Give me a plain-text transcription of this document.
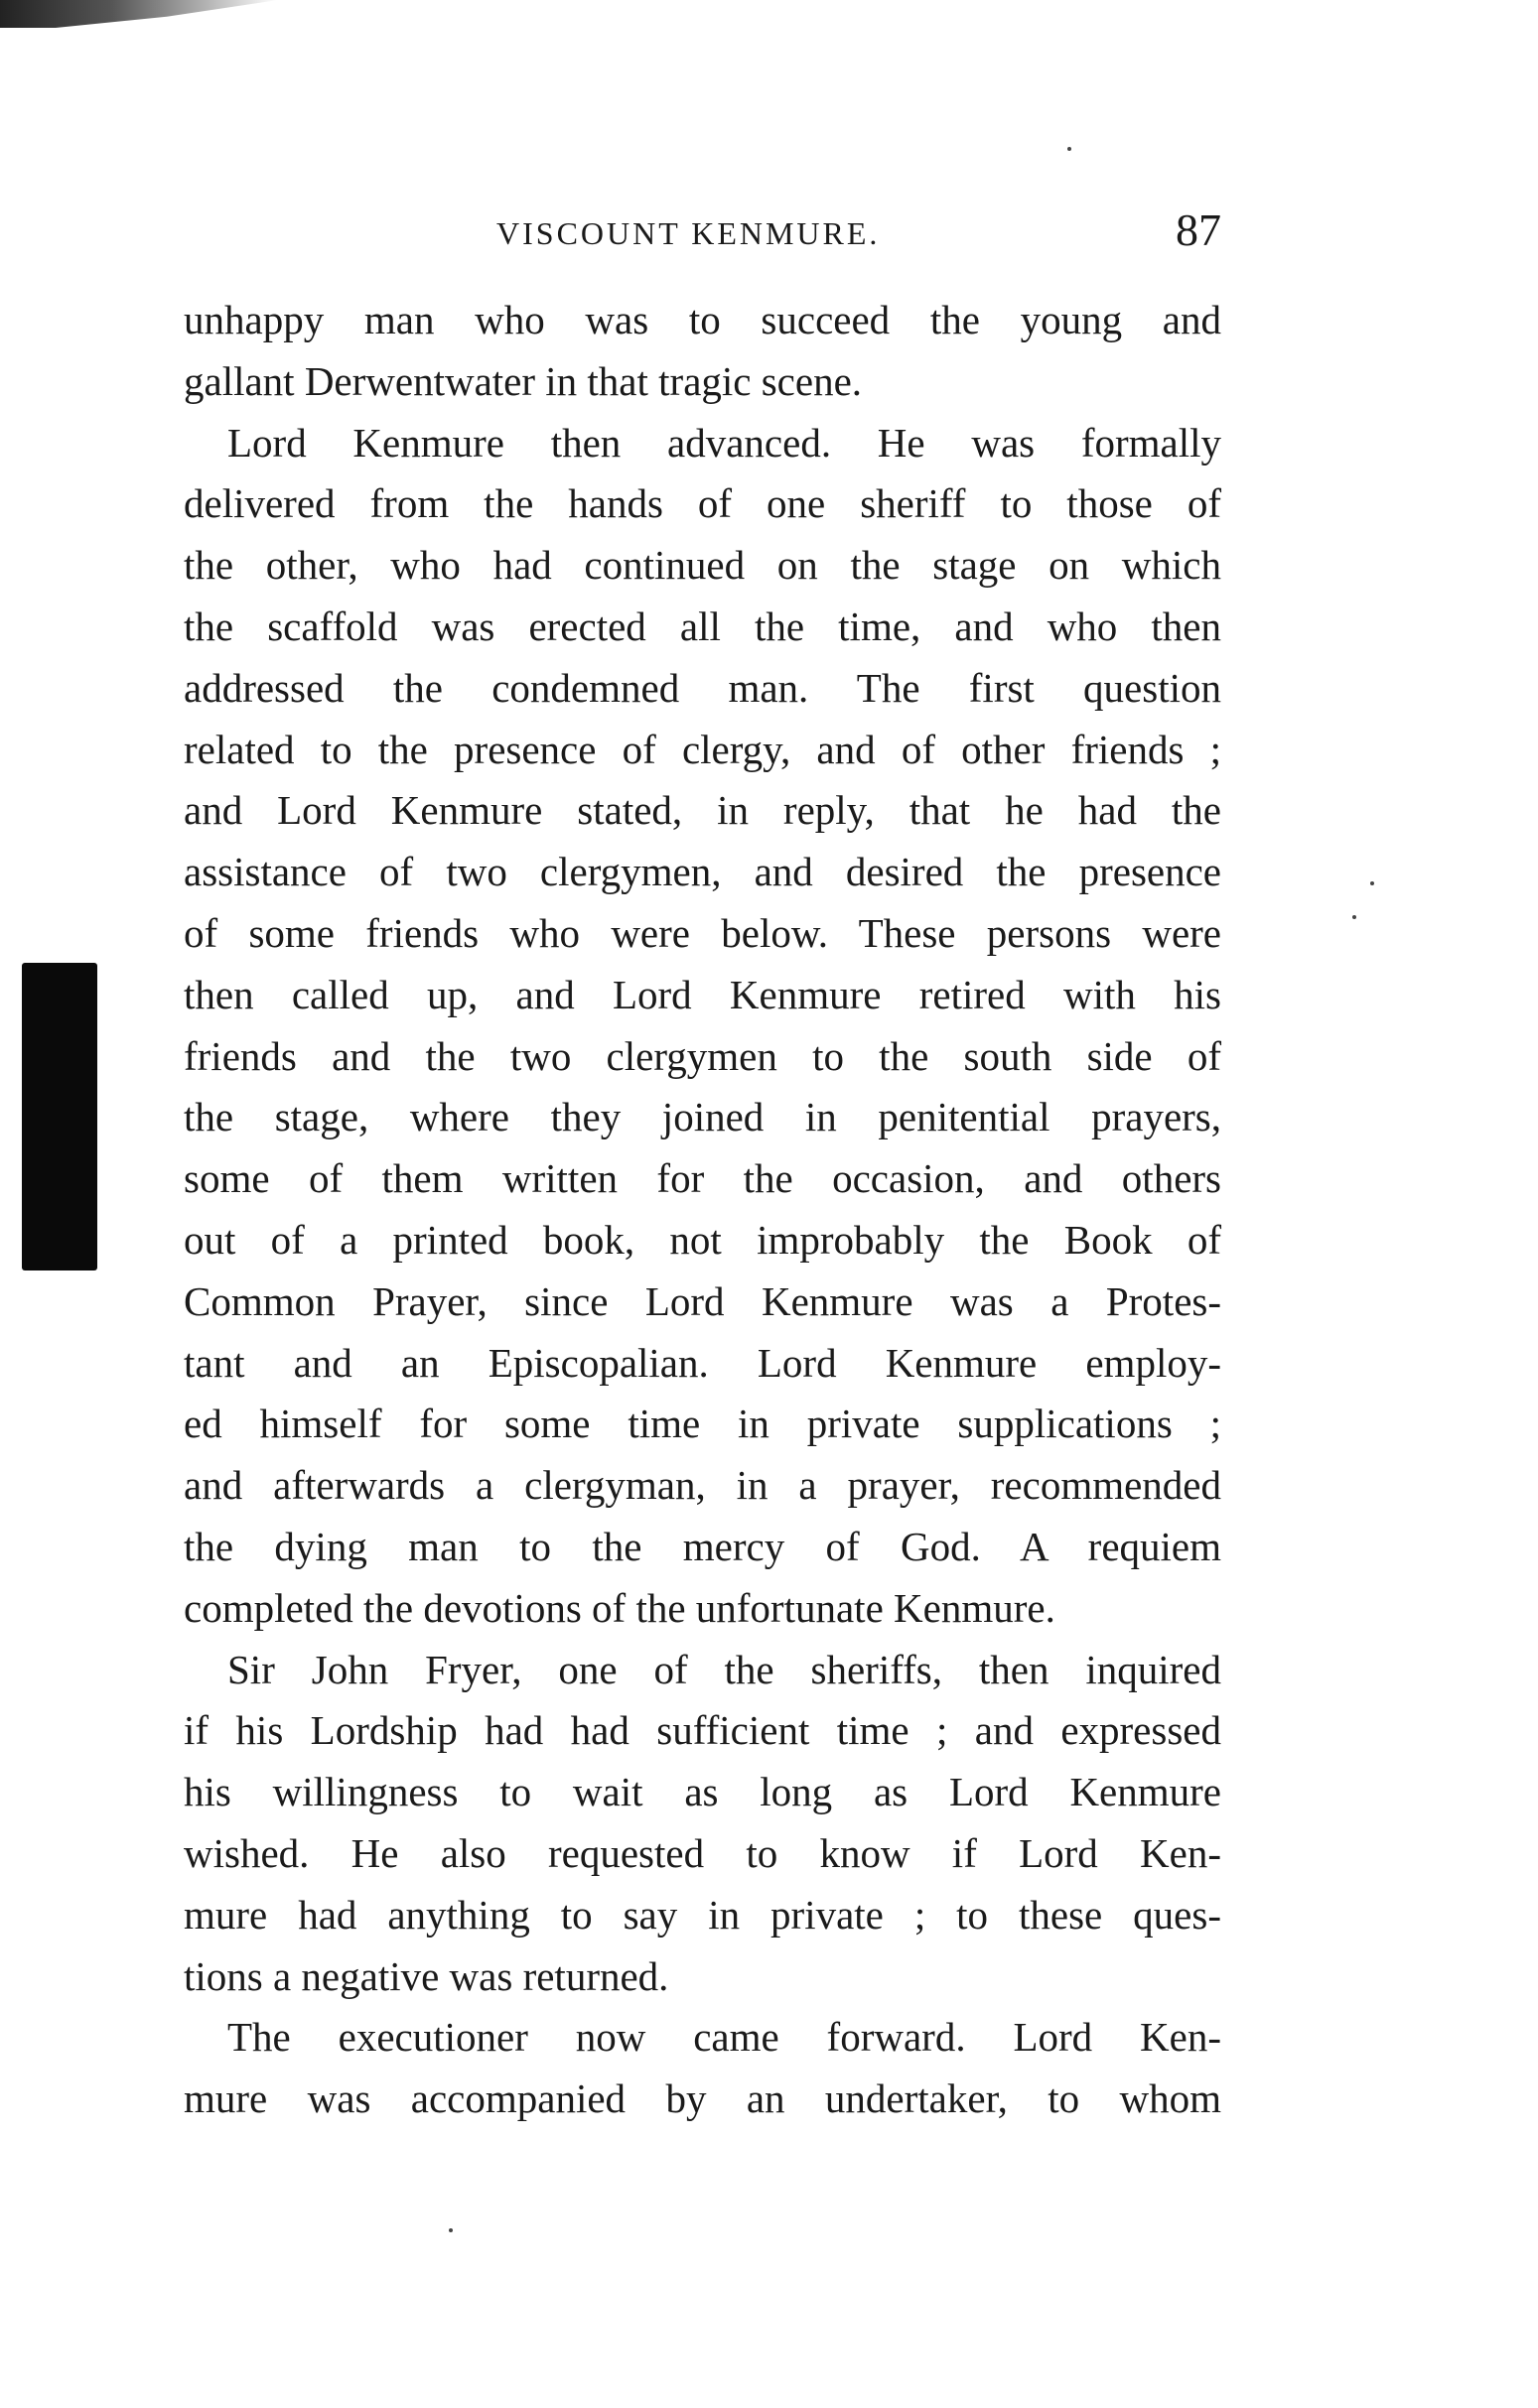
VISCOUNT KENMURE.	87
unhappy man who was to succeed the young and
gallant Derwentwater in that tragic scene.
Lord Kenmure then advanced. He was formally
delivered from the hands of one sheriff to those of
the other, who had continued on the stage on which
the scaffold was erected all the time, and who then
addressed the condemned man. The first question
related to the presence of clergy, and of other friends ;
and Lord Kenmure stated, in reply, that he had the
assistance of two clergymen, and desired the presence
of some friends who were below. These persons were
then called up, and Lord Kenmure retired with his
friends and the two clergymen to the south side of
the stage, where they joined in penitential prayers,
some of them written for the occasion, and others
out of a printed book, not improbably the Book of
Common Prayer, since Lord Kenmure was a Protes-
tant and an Episcopalian. Lord Kenmure employ-
ed himself for some time in private supplications ;
and afterwards a clergyman, in a prayer, recommended
the dying man to the mercy of God. A requiem
completed the devotions of the unfortunate Kenmure.
Sir John Fryer, one of the sheriffs, then inquired
if his Lordship had had sufficient time ; and expressed
his willingness to wait as long as Lord Kenmure
wished. He also requested to know if Lord Ken-
mure had anything to say in private ; to these ques-
tions a negative was returned.
The executioner now came forward. Lord Ken-
mure was accompanied by an undertaker, to whom
